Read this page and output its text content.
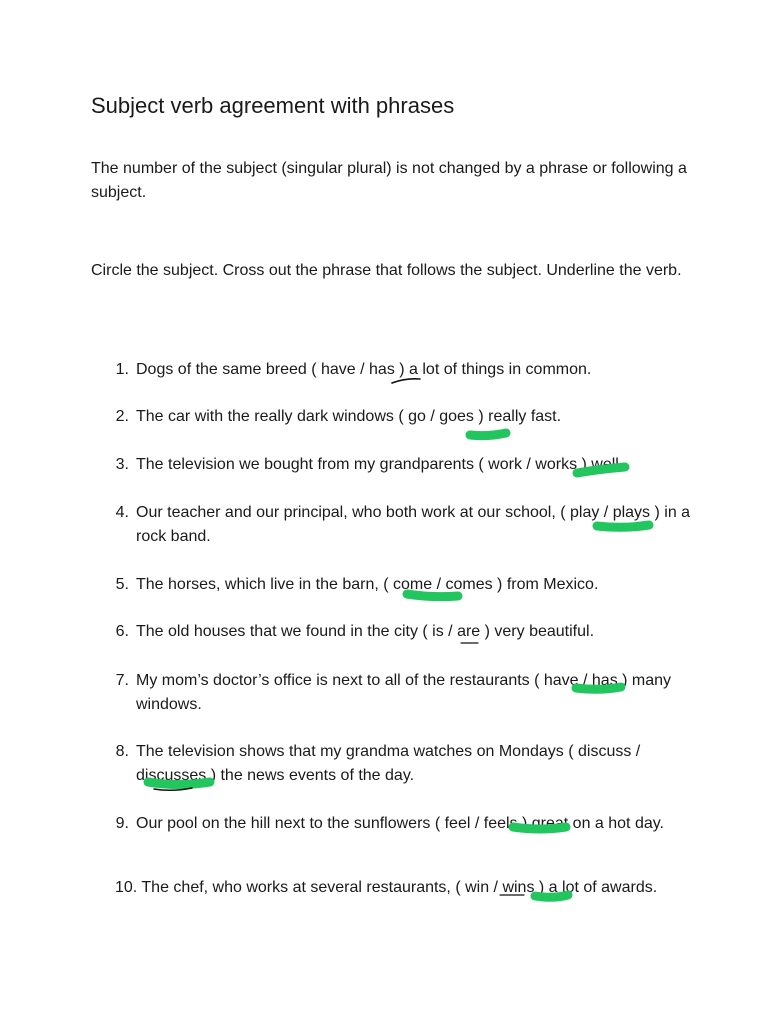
Subject verb agreement with phrases

The number of the subject (singular plural) is not changed by a phrase or following a subject.

Circle the subject. Cross out the phrase that follows the subject. Underline the verb.

1. Dogs of the same breed ( have / has ) a lot of things in common.
2. The car with the really dark windows ( go / goes ) really fast.
3. The television we bought from my grandparents ( work / works ) well.
4. Our teacher and our principal, who both work at our school, ( play / plays ) in a rock band.
5. The horses, which live in the barn, ( come / comes ) from Mexico.
6. The old houses that we found in the city ( is / are ) very beautiful.
7. My mom’s doctor’s office is next to all of the restaurants ( have / has ) many windows.
8. The television shows that my grandma watches on Mondays ( discuss / discusses ) the news events of the day.
9. Our pool on the hill next to the sunflowers ( feel / feels ) great on a hot day.
10. The chef, who works at several restaurants, ( win / wins ) a lot of awards.
